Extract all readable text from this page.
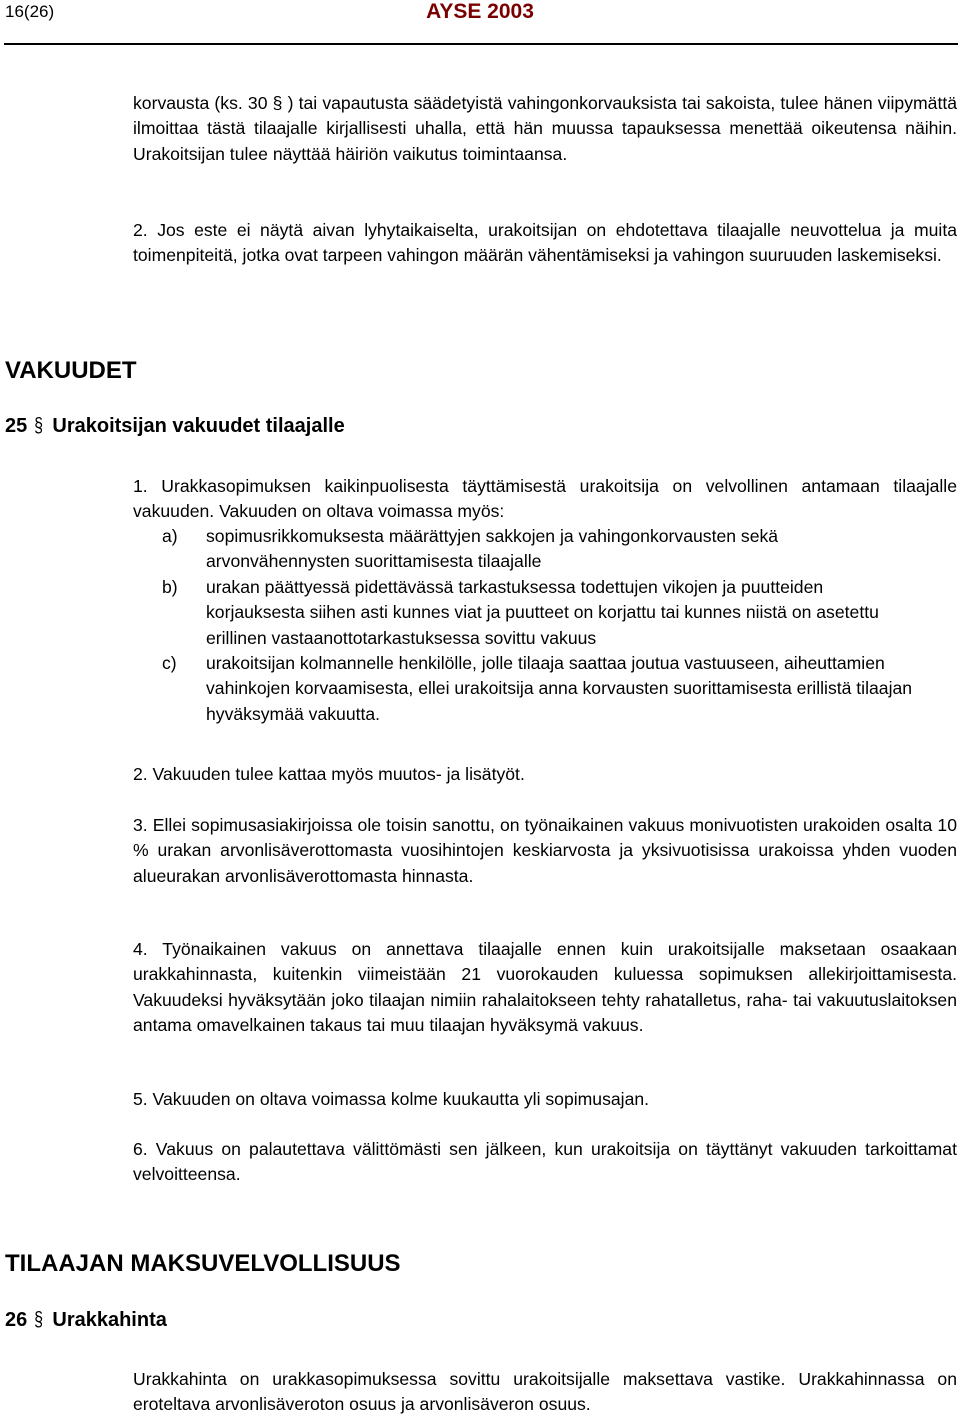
16(26)	AYSE 2003

korvausta (ks. 30 § ) tai vapautusta säädetyistä vahingonkorvauksista tai sakoista, tulee hänen viipymättä ilmoittaa tästä tilaajalle kirjallisesti uhalla, että hän muussa tapauksessa menettää oikeutensa näihin. Urakoitsijan tulee näyttää häiriön vaikutus toimintaansa.

2. Jos este ei näytä aivan lyhytaikaiselta, urakoitsijan on ehdotettava tilaajalle neuvottelua ja muita toimenpiteitä, jotka ovat tarpeen vahingon määrän vähentämiseksi ja vahingon suuruuden laskemiseksi.

VAKUUDET
25 § Urakoitsijan vakuudet tilaajalle

1. Urakkasopimuksen kaikinpuolisesta täyttämisestä urakoitsija on velvollinen antamaan tilaajalle vakuuden. Vakuuden on oltava voimassa myös:

a)	sopimusrikkomuksesta määrättyjen sakkojen ja vahingonkorvausten sekä arvonvähennysten suorittamisesta tilaajalle
b)	urakan päättyessä pidettävässä tarkastuksessa todettujen vikojen ja puutteiden korjauksesta siihen asti kunnes viat ja puutteet on korjattu tai kunnes niistä on asetettu erillinen vastaanottotarkastuksessa sovittu vakuus
c)	urakoitsijan kolmannelle henkilölle, jolle tilaaja saattaa joutua vastuuseen, aiheuttamien vahinkojen korvaamisesta, ellei urakoitsija anna korvausten suorittamisesta erillistä tilaajan hyväksymää vakuutta.

2. Vakuuden tulee kattaa myös muutos- ja lisätyöt.

3. Ellei sopimusasiakirjoissa ole toisin sanottu, on työnaikainen vakuus monivuotisten urakoiden osalta 10 % urakan arvonlisäverottomasta vuosihintojen keskiarvosta ja yksivuotisissa urakoissa yhden vuoden alueurakan arvonlisäverottomasta hinnasta.

4. Työnaikainen vakuus on annettava tilaajalle ennen kuin urakoitsijalle maksetaan osaakaan urakkahinnasta, kuitenkin viimeistään 21 vuorokauden kuluessa sopimuksen allekirjoittamisesta. Vakuudeksi hyväksytään joko tilaajan nimiin rahalaitokseen tehty rahatalletus, raha- tai vakuutuslaitoksen antama omavelkainen takaus tai muu tilaajan hyväksymä vakuus.

5. Vakuuden on oltava voimassa kolme kuukautta yli sopimusajan.

6. Vakuus on palautettava välittömästi sen jälkeen, kun urakoitsija on täyttänyt vakuuden tarkoittamat velvoitteensa.

TILAAJAN MAKSUVELVOLLISUUS
26 § Urakkahinta

Urakkahinta on urakkasopimuksessa sovittu urakoitsijalle maksettava vastike. Urakkahinnassa on eroteltava arvonlisäveroton osuus ja arvonlisäveron osuus.
